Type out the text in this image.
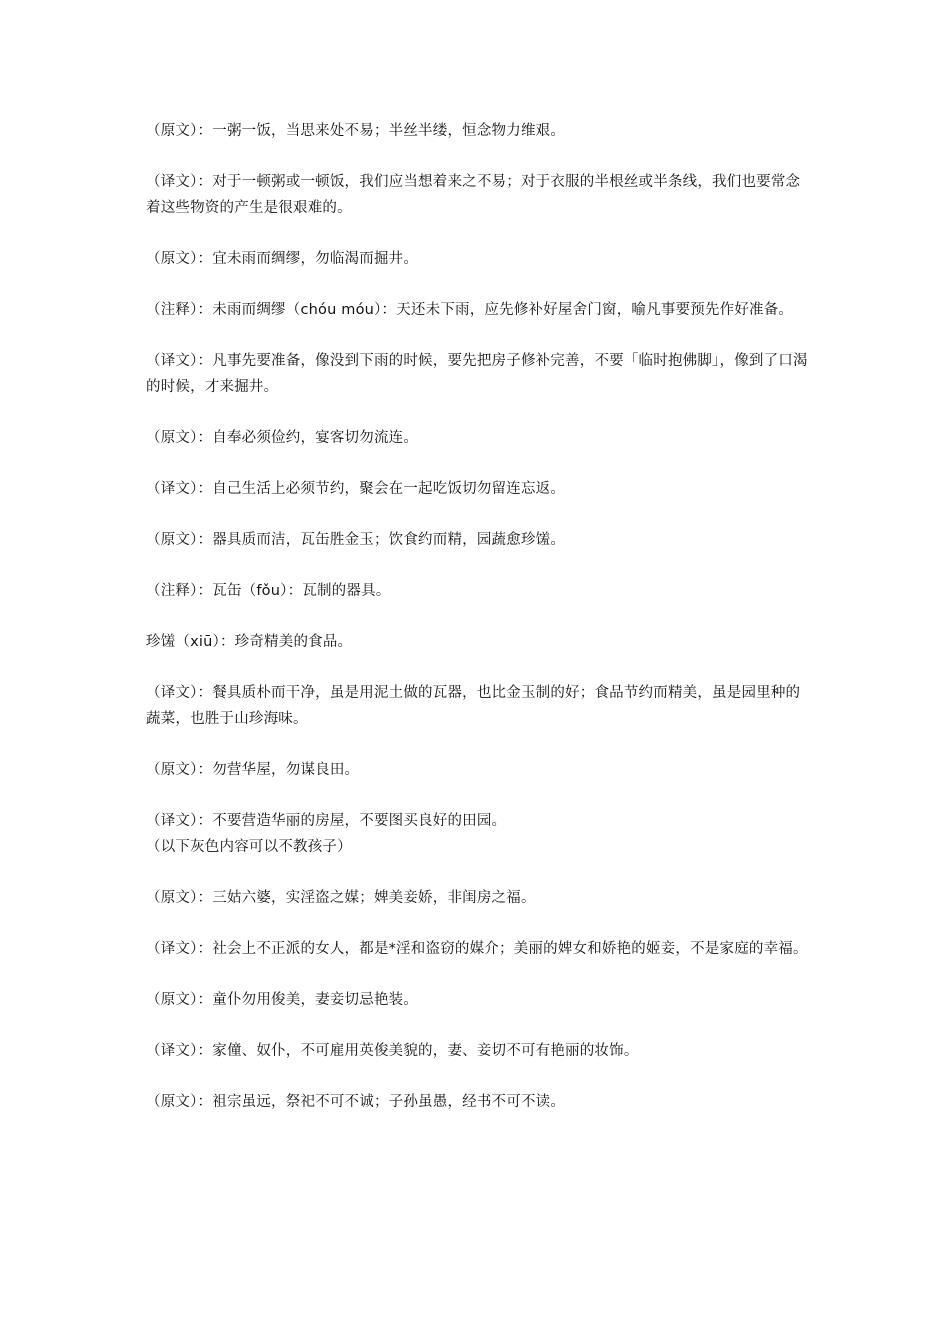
（原文）：一粥一饭，当思来处不易；半丝半缕，恒念物力维艰。

（译文）：对于一顿粥或一顿饭，我们应当想着来之不易；对于衣服的半根丝或半条线，我们也要常念着这些物资的产生是很艰难的。

（原文）：宜未雨而绸缪，勿临渴而掘井。

（注释）：未雨而绸缪（chóu móu）：天还未下雨，应先修补好屋舍门窗，喻凡事要预先作好准备。

（译文）：凡事先要准备，像没到下雨的时候，要先把房子修补完善，不要「临时抱佛脚」，像到了口渴的时候，才来掘井。

（原文）：自奉必须俭约，宴客切勿流连。

（译文）：自己生活上必须节约，聚会在一起吃饭切勿留连忘返。

（原文）：器具质而洁，瓦缶胜金玉；饮食约而精，园蔬愈珍馐。

（注释）：瓦缶（fǒu）：瓦制的器具。

珍馐（xiū）：珍奇精美的食品。

（译文）：餐具质朴而干净，虽是用泥土做的瓦器，也比金玉制的好；食品节约而精美，虽是园里种的蔬菜，也胜于山珍海味。

（原文）：勿营华屋，勿谋良田。

（译文）：不要营造华丽的房屋，不要图买良好的田园。

（以下灰色内容可以不教孩子）

（原文）：三姑六婆，实淫盗之媒；婢美妾娇，非闺房之福。

（译文）：社会上不正派的女人，都是*淫和盗窃的媒介；美丽的婢女和娇艳的姬妾，不是家庭的幸福。

（原文）：童仆勿用俊美，妻妾切忌艳装。

（译文）：家僮、奴仆，不可雇用英俊美貌的，妻、妾切不可有艳丽的妆饰。

（原文）：祖宗虽远，祭祀不可不诚；子孙虽愚，经书不可不读。
